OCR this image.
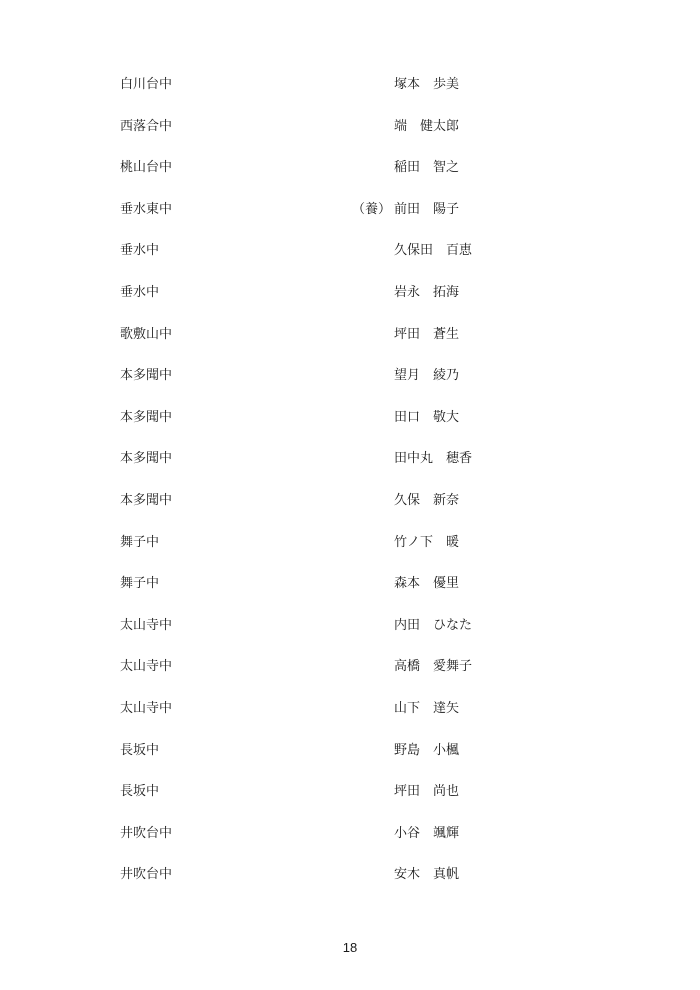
白川台中	塚本　歩美
西落合中	端　健太郎
桃山台中	稲田　智之
垂水東中	（養） 前田　陽子
垂水中	久保田　百恵
垂水中	岩永　拓海
歌敷山中	坪田　蒼生
本多聞中	望月　綾乃
本多聞中	田口　敬大
本多聞中	田中丸　穂香
本多聞中	久保　新奈
舞子中	竹ノ下　暖
舞子中	森本　優里
太山寺中	内田　ひなた
太山寺中	高橋　愛舞子
太山寺中	山下　達矢
長坂中	野島　小楓
長坂中	坪田　尚也
井吹台中	小谷　颯輝
井吹台中	安木　真帆
18
